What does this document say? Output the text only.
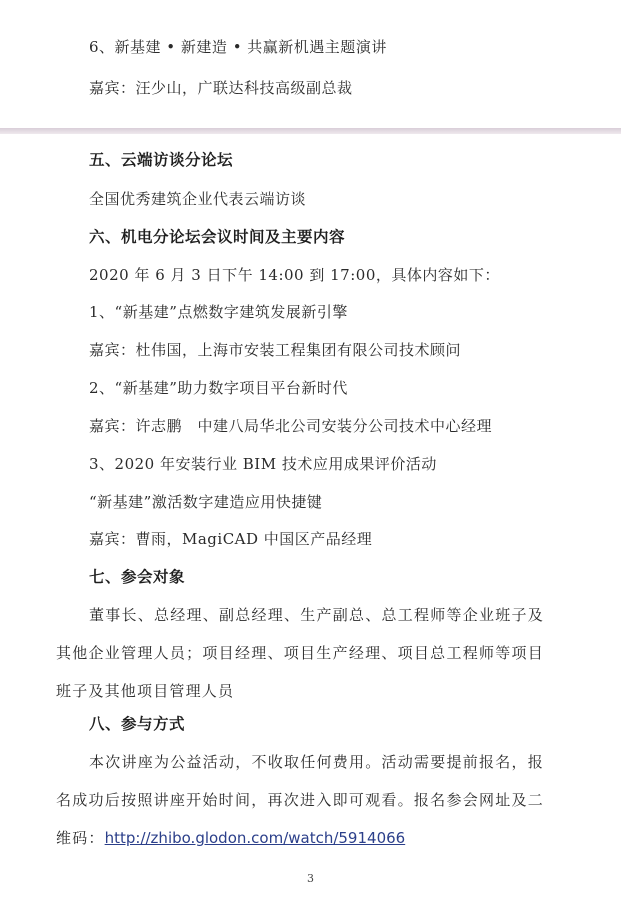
6、新基建 • 新建造 • 共赢新机遇主题演讲
嘉宾：汪少山，广联达科技高级副总裁
五、云端访谈分论坛
全国优秀建筑企业代表云端访谈
六、机电分论坛会议时间及主要内容
2020 年 6 月 3 日下午 14:00 到 17:00，具体内容如下：
1、“新基建”点燃数字建筑发展新引擎
嘉宾：杜伟国，上海市安装工程集团有限公司技术顾问
2、“新基建”助力数字项目平台新时代
嘉宾：许志鹏　中建八局华北公司安装分公司技术中心经理
3、2020 年安装行业 BIM 技术应用成果评价活动
“新基建”激活数字建造应用快捷键
嘉宾：曹雨，MagiCAD 中国区产品经理
七、参会对象
董事长、总经理、副总经理、生产副总、总工程师等企业班子及其他企业管理人员；项目经理、项目生产经理、项目总工程师等项目班子及其他项目管理人员
八、参与方式
本次讲座为公益活动，不收取任何费用。活动需要提前报名，报名成功后按照讲座开始时间，再次进入即可观看。报名参会网址及二维码：http://zhibo.glodon.com/watch/5914066
3
